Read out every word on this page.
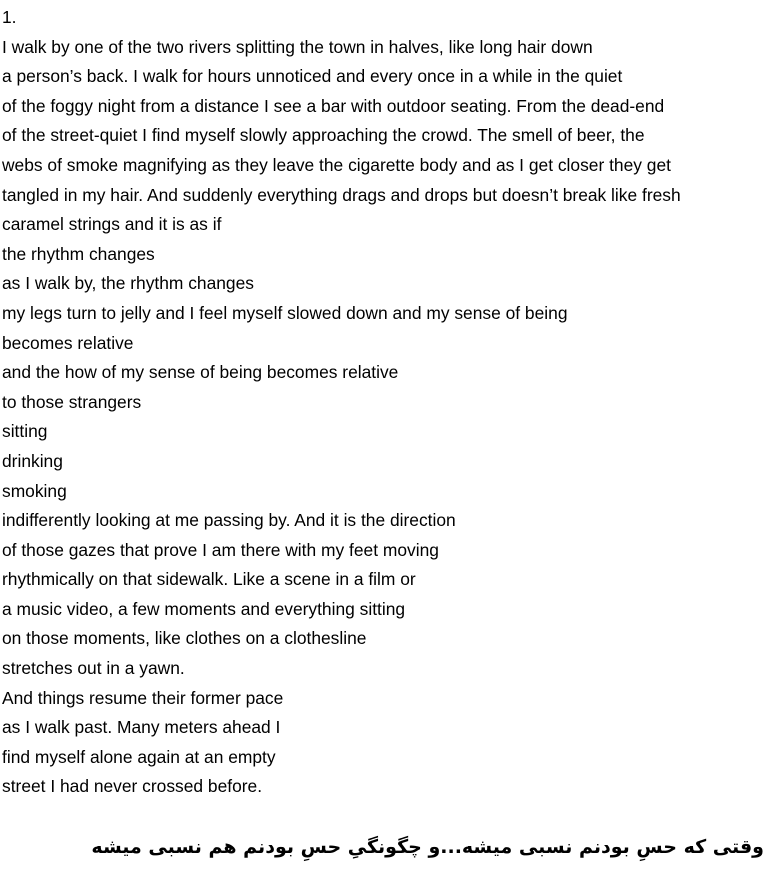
1.
I walk by one of the two rivers splitting the town in halves, like long hair down
a person’s back. I walk for hours unnoticed and every once in a while in the quiet
of the foggy night from a distance I see a bar with outdoor seating. From the dead-end
of the street-quiet I find myself slowly approaching the crowd. The smell of beer, the
webs of smoke magnifying as they leave the cigarette body and as I get closer they get
tangled in my hair. And suddenly everything drags and drops but doesn’t break like fresh
caramel strings and it is as if
the rhythm changes
as I walk by, the rhythm changes
my legs turn to jelly and I feel myself slowed down and my sense of being
becomes relative
and the how of my sense of being becomes relative
to those strangers
sitting
drinking
smoking
indifferently looking at me passing by. And it is the direction
of those gazes that prove I am there with my feet moving
rhythmically on that sidewalk. Like a scene in a film or
a music video, a few moments and everything sitting
on those moments, like clothes on a clothesline
stretches out in a yawn.
And things resume their former pace
as I walk past. Many meters ahead I
find myself alone again at an empty
street I had never crossed before.
وقتی که حسِ بودنم نسبی میشه...و چگونگیِ حسِ بودنم هم نسبی میشه
